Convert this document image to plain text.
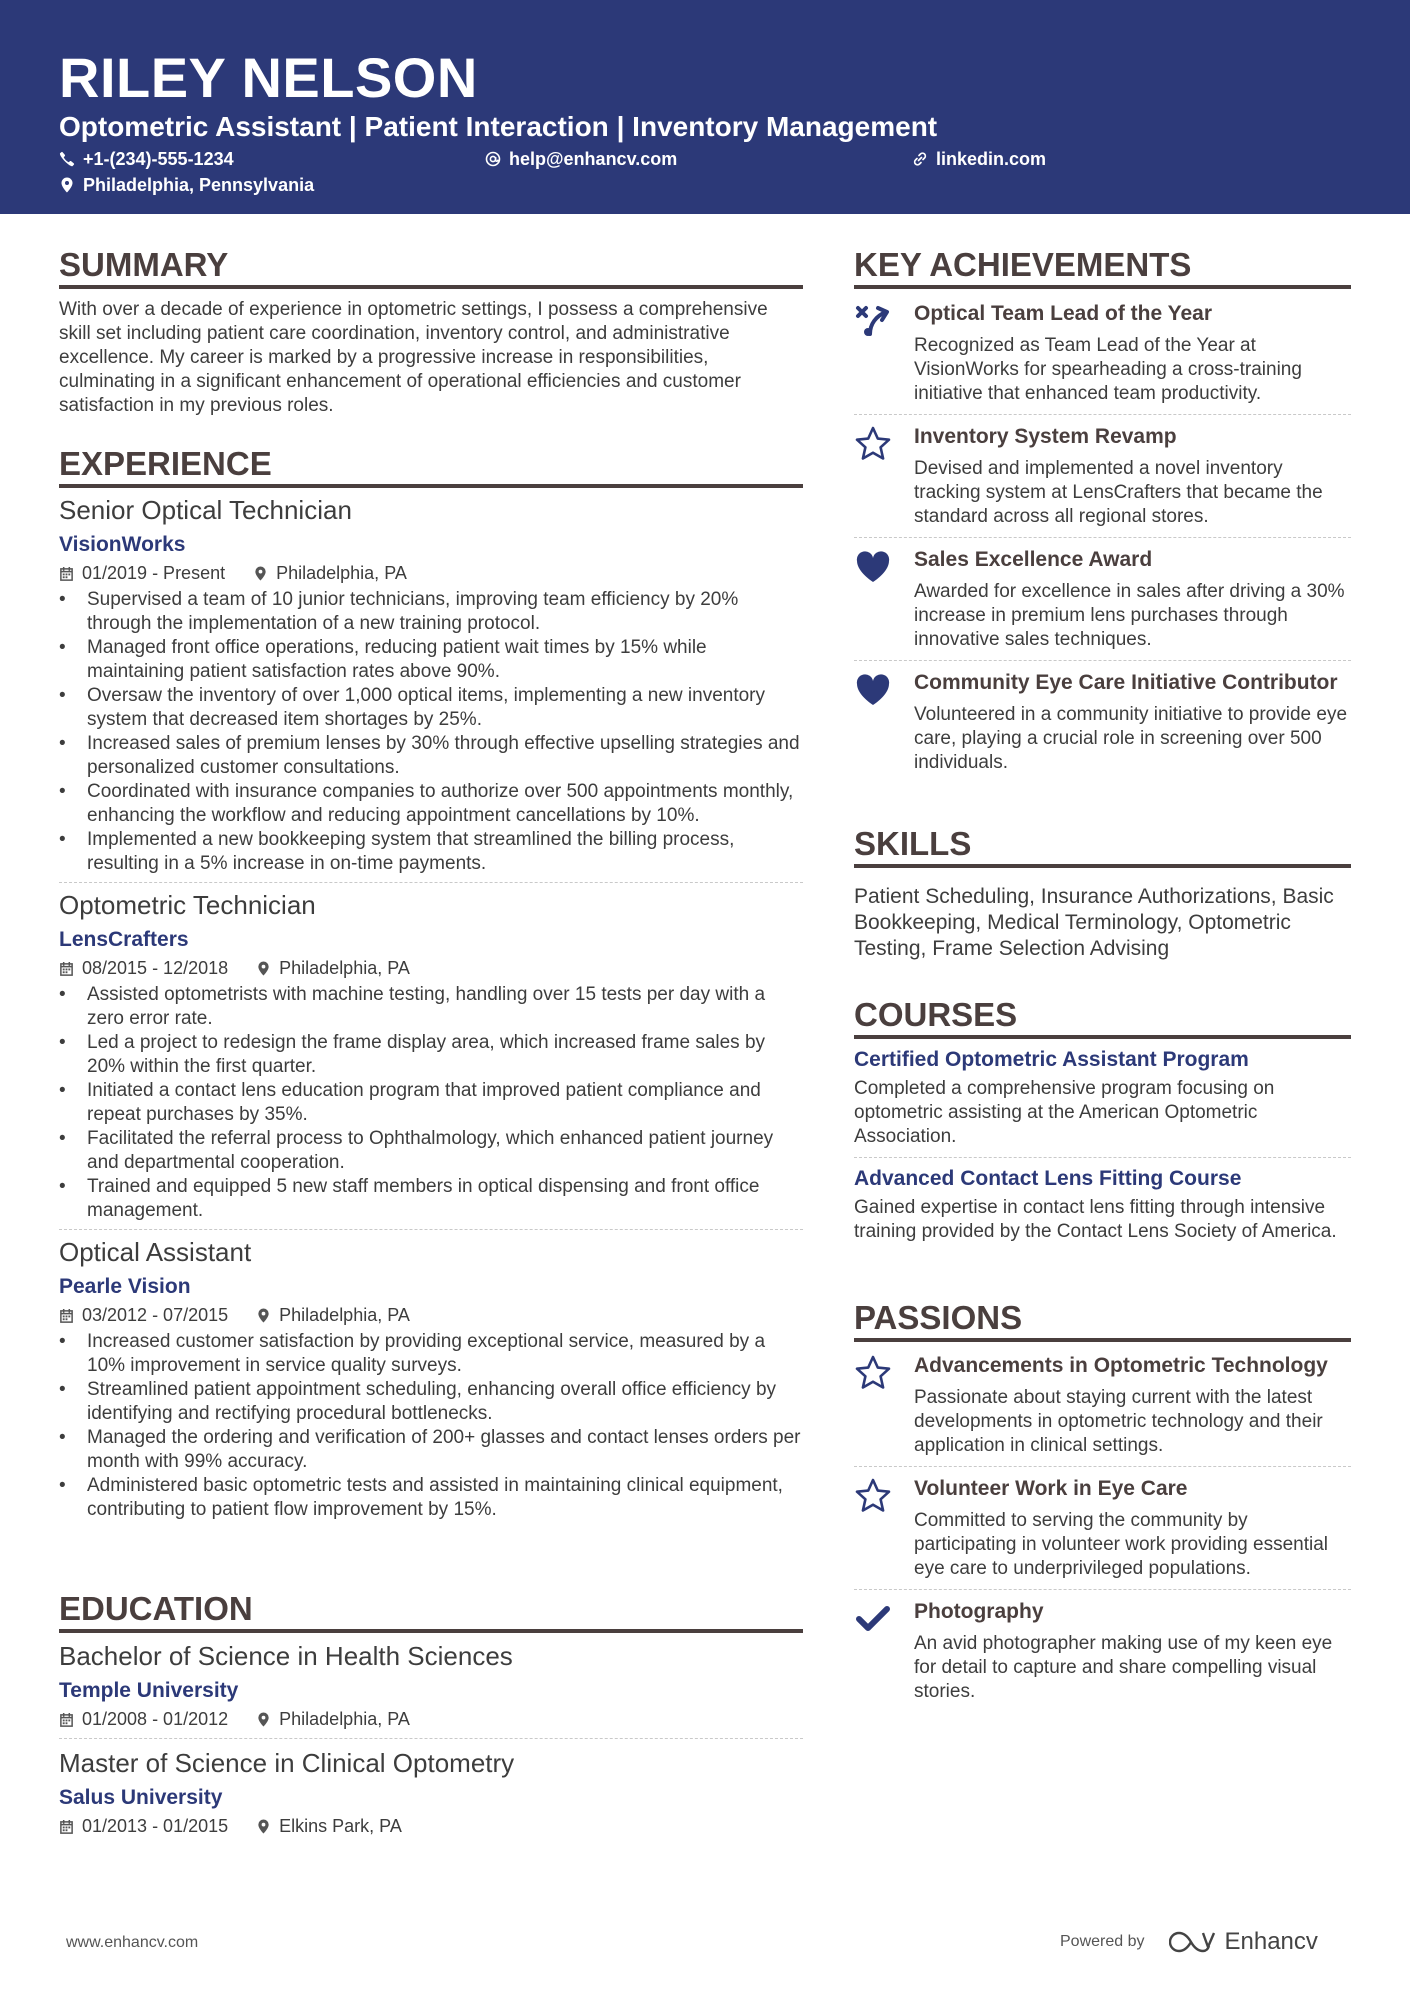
RILEY NELSON
Optometric Assistant | Patient Interaction | Inventory Management
+1-(234)-555-1234	help@enhancv.com	linkedin.com
Philadelphia, Pennsylvania
SUMMARY
With over a decade of experience in optometric settings, I possess a comprehensive skill set including patient care coordination, inventory control, and administrative excellence. My career is marked by a progressive increase in responsibilities, culminating in a significant enhancement of operational efficiencies and customer satisfaction in my previous roles.
EXPERIENCE
Senior Optical Technician
VisionWorks
01/2019 - Present	Philadelphia, PA
• Supervised a team of 10 junior technicians, improving team efficiency by 20% through the implementation of a new training protocol.
• Managed front office operations, reducing patient wait times by 15% while maintaining patient satisfaction rates above 90%.
• Oversaw the inventory of over 1,000 optical items, implementing a new inventory system that decreased item shortages by 25%.
• Increased sales of premium lenses by 30% through effective upselling strategies and personalized customer consultations.
• Coordinated with insurance companies to authorize over 500 appointments monthly, enhancing the workflow and reducing appointment cancellations by 10%.
• Implemented a new bookkeeping system that streamlined the billing process, resulting in a 5% increase in on-time payments.
Optometric Technician
LensCrafters
08/2015 - 12/2018	Philadelphia, PA
• Assisted optometrists with machine testing, handling over 15 tests per day with a zero error rate.
• Led a project to redesign the frame display area, which increased frame sales by 20% within the first quarter.
• Initiated a contact lens education program that improved patient compliance and repeat purchases by 35%.
• Facilitated the referral process to Ophthalmology, which enhanced patient journey and departmental cooperation.
• Trained and equipped 5 new staff members in optical dispensing and front office management.
Optical Assistant
Pearle Vision
03/2012 - 07/2015	Philadelphia, PA
• Increased customer satisfaction by providing exceptional service, measured by a 10% improvement in service quality surveys.
• Streamlined patient appointment scheduling, enhancing overall office efficiency by identifying and rectifying procedural bottlenecks.
• Managed the ordering and verification of 200+ glasses and contact lenses orders per month with 99% accuracy.
• Administered basic optometric tests and assisted in maintaining clinical equipment, contributing to patient flow improvement by 15%.
EDUCATION
Bachelor of Science in Health Sciences
Temple University
01/2008 - 01/2012	Philadelphia, PA
Master of Science in Clinical Optometry
Salus University
01/2013 - 01/2015	Elkins Park, PA
KEY ACHIEVEMENTS
Optical Team Lead of the Year
Recognized as Team Lead of the Year at VisionWorks for spearheading a cross-training initiative that enhanced team productivity.
Inventory System Revamp
Devised and implemented a novel inventory tracking system at LensCrafters that became the standard across all regional stores.
Sales Excellence Award
Awarded for excellence in sales after driving a 30% increase in premium lens purchases through innovative sales techniques.
Community Eye Care Initiative Contributor
Volunteered in a community initiative to provide eye care, playing a crucial role in screening over 500 individuals.
SKILLS
Patient Scheduling, Insurance Authorizations, Basic Bookkeeping, Medical Terminology, Optometric Testing, Frame Selection Advising
COURSES
Certified Optometric Assistant Program
Completed a comprehensive program focusing on optometric assisting at the American Optometric Association.
Advanced Contact Lens Fitting Course
Gained expertise in contact lens fitting through intensive training provided by the Contact Lens Society of America.
PASSIONS
Advancements in Optometric Technology
Passionate about staying current with the latest developments in optometric technology and their application in clinical settings.
Volunteer Work in Eye Care
Committed to serving the community by participating in volunteer work providing essential eye care to underprivileged populations.
Photography
An avid photographer making use of my keen eye for detail to capture and share compelling visual stories.
www.enhancv.com	Powered by	Enhancv
